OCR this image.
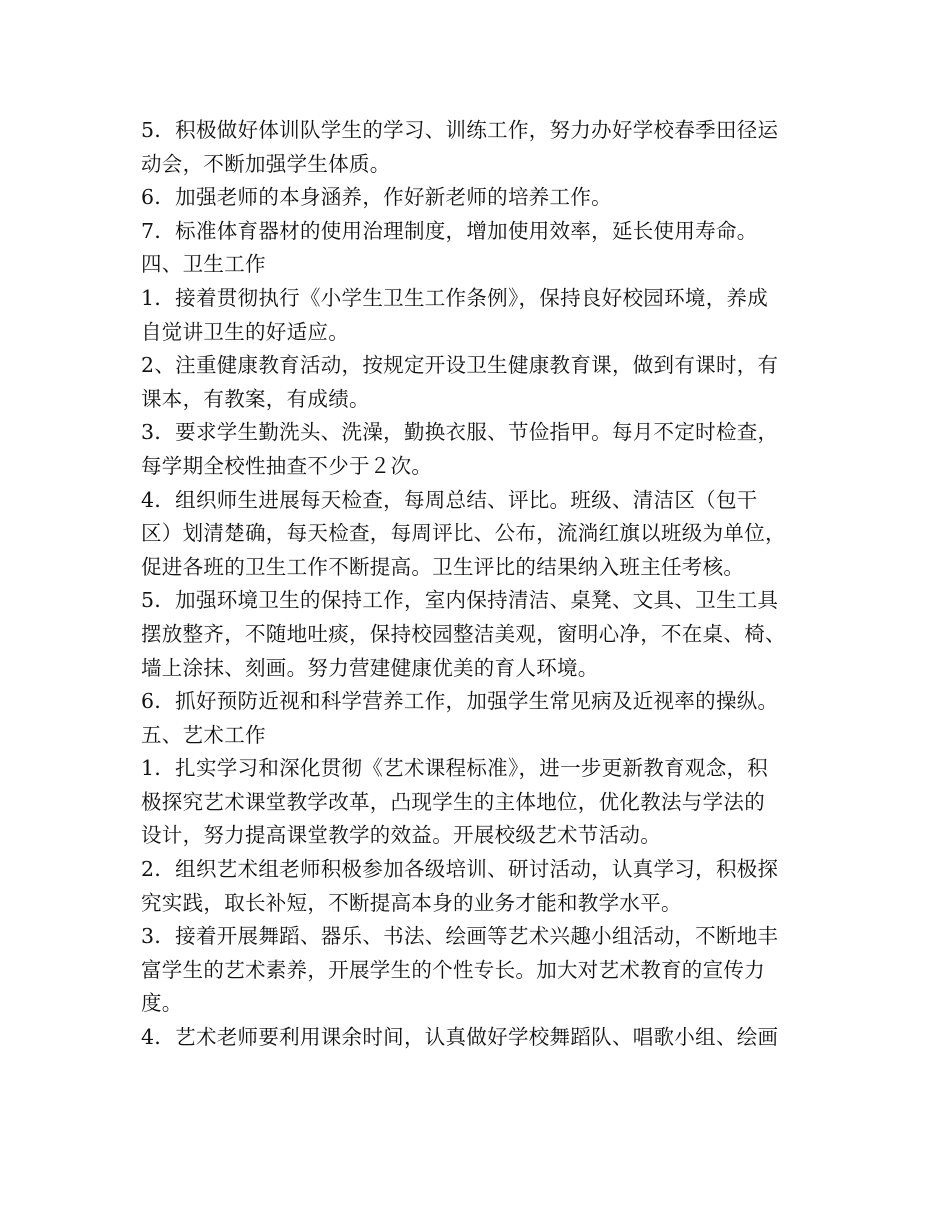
5．积极做好体训队学生的学习、训练工作，努力办好学校春季田径运
动会，不断加强学生体质。
6．加强老师的本身涵养，作好新老师的培养工作。
7．标准体育器材的使用治理制度，增加使用效率，延长使用寿命。
四、卫生工作
1．接着贯彻执行《小学生卫生工作条例》，保持良好校园环境，养成
自觉讲卫生的好适应。
2、注重健康教育活动，按规定开设卫生健康教育课，做到有课时，有
课本，有教案，有成绩。
3．要求学生勤洗头、洗澡，勤换衣服、节俭指甲。每月不定时检查，
每学期全校性抽查不少于２次。
4．组织师生进展每天检查，每周总结、评比。班级、清洁区（包干
区）划清楚确，每天检查，每周评比、公布，流淌红旗以班级为单位，
促进各班的卫生工作不断提高。卫生评比的结果纳入班主任考核。
5．加强环境卫生的保持工作，室内保持清洁、桌凳、文具、卫生工具
摆放整齐，不随地吐痰，保持校园整洁美观，窗明心净，不在桌、椅、
墙上涂抹、刻画。努力营建健康优美的育人环境。
6．抓好预防近视和科学营养工作，加强学生常见病及近视率的操纵。
五、艺术工作
1．扎实学习和深化贯彻《艺术课程标准》，进一步更新教育观念，积
极探究艺术课堂教学改革，凸现学生的主体地位，优化教法与学法的
设计，努力提高课堂教学的效益。开展校级艺术节活动。
2．组织艺术组老师积极参加各级培训、研讨活动，认真学习，积极探
究实践，取长补短，不断提高本身的业务才能和教学水平。
3．接着开展舞蹈、器乐、书法、绘画等艺术兴趣小组活动，不断地丰
富学生的艺术素养，开展学生的个性专长。加大对艺术教育的宣传力
度。
4．艺术老师要利用课余时间，认真做好学校舞蹈队、唱歌小组、绘画
